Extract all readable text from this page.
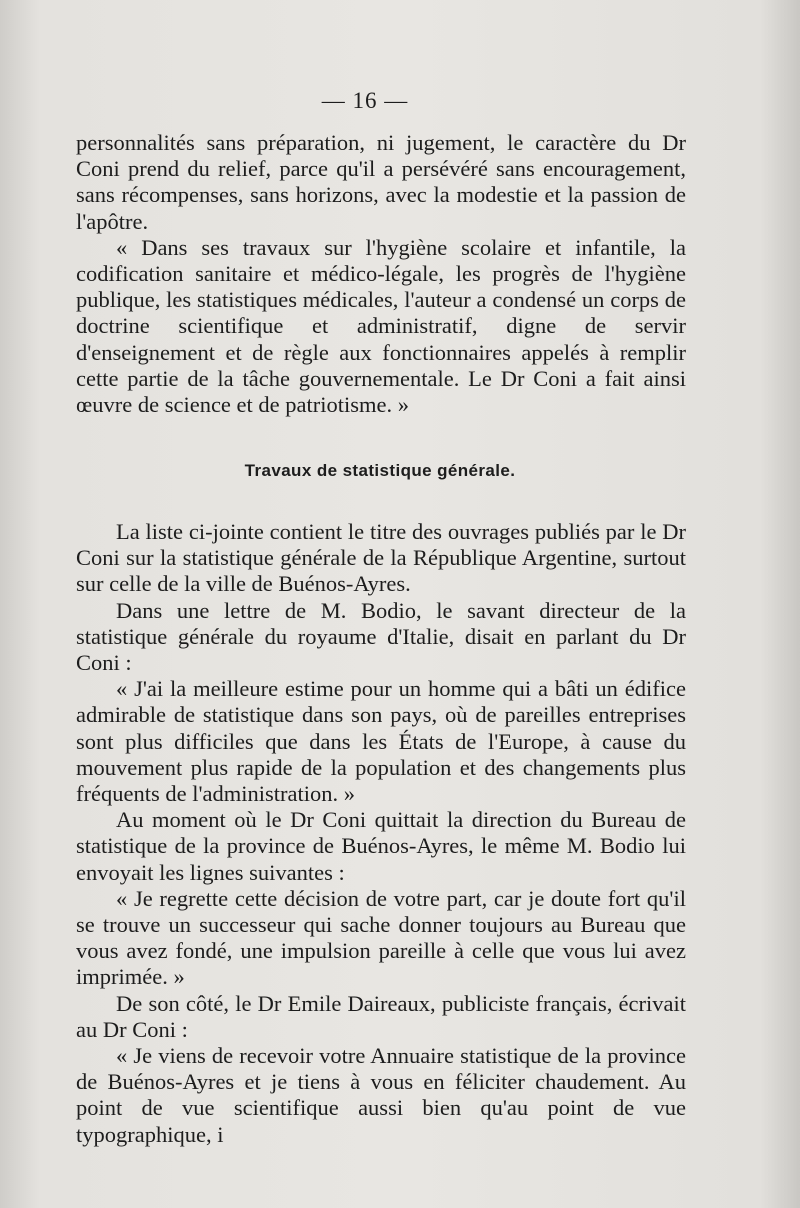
— 16 —

personnalités sans préparation, ni jugement, le caractère du Dr Coni prend du relief, parce qu'il a persévéré sans encouragement, sans récompenses, sans horizons, avec la modestie et la passion de l'apôtre.

« Dans ses travaux sur l'hygiène scolaire et infantile, la codification sanitaire et médico-légale, les progrès de l'hygiène publique, les statistiques médicales, l'auteur a condensé un corps de doctrine scientifique et administratif, digne de servir d'enseignement et de règle aux fonctionnaires appelés à remplir cette partie de la tâche gouvernementale. Le Dr Coni a fait ainsi œuvre de science et de patriotisme. »

Travaux de statistique générale.

La liste ci-jointe contient le titre des ouvrages publiés par le Dr Coni sur la statistique générale de la République Argentine, surtout sur celle de la ville de Buénos-Ayres.

Dans une lettre de M. Bodio, le savant directeur de la statistique générale du royaume d'Italie, disait en parlant du Dr Coni :

« J'ai la meilleure estime pour un homme qui a bâti un édifice admirable de statistique dans son pays, où de pareilles entreprises sont plus difficiles que dans les États de l'Europe, à cause du mouvement plus rapide de la population et des changements plus fréquents de l'administration. »

Au moment où le Dr Coni quittait la direction du Bureau de statistique de la province de Buénos-Ayres, le même M. Bodio lui envoyait les lignes suivantes :

« Je regrette cette décision de votre part, car je doute fort qu'il se trouve un successeur qui sache donner toujours au Bureau que vous avez fondé, une impulsion pareille à celle que vous lui avez imprimée. »

De son côté, le Dr Emile Daireaux, publiciste français, écrivait au Dr Coni :

« Je viens de recevoir votre Annuaire statistique de la province de Buénos-Ayres et je tiens à vous en féliciter chaudement. Au point de vue scientifique aussi bien qu'au point de vue typographique, i
